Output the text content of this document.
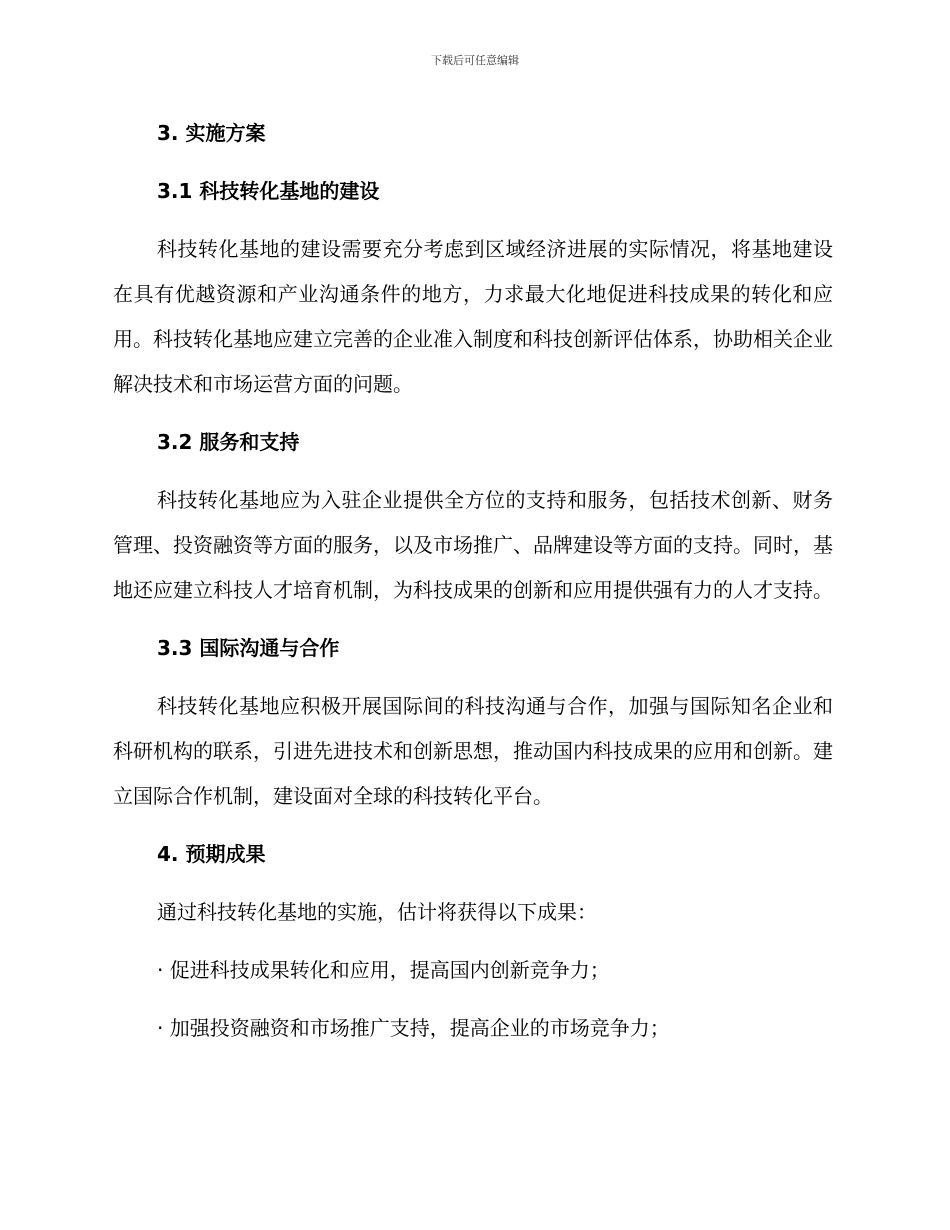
下载后可任意编辑
3. 实施方案
3.1 科技转化基地的建设

科技转化基地的建设需要充分考虑到区域经济进展的实际情况，将基地建设在具有优越资源和产业沟通条件的地方，力求最大化地促进科技成果的转化和应用。科技转化基地应建立完善的企业准入制度和科技创新评估体系，协助相关企业解决技术和市场运营方面的问题。

3.2 服务和支持

科技转化基地应为入驻企业提供全方位的支持和服务，包括技术创新、财务管理、投资融资等方面的服务，以及市场推广、品牌建设等方面的支持。同时，基地还应建立科技人才培育机制，为科技成果的创新和应用提供强有力的人才支持。

3.3 国际沟通与合作

科技转化基地应积极开展国际间的科技沟通与合作，加强与国际知名企业和科研机构的联系，引进先进技术和创新思想，推动国内科技成果的应用和创新。建立国际合作机制，建设面对全球的科技转化平台。

4. 预期成果

通过科技转化基地的实施，估计将获得以下成果：

· 促进科技成果转化和应用，提高国内创新竞争力；

· 加强投资融资和市场推广支持，提高企业的市场竞争力；
